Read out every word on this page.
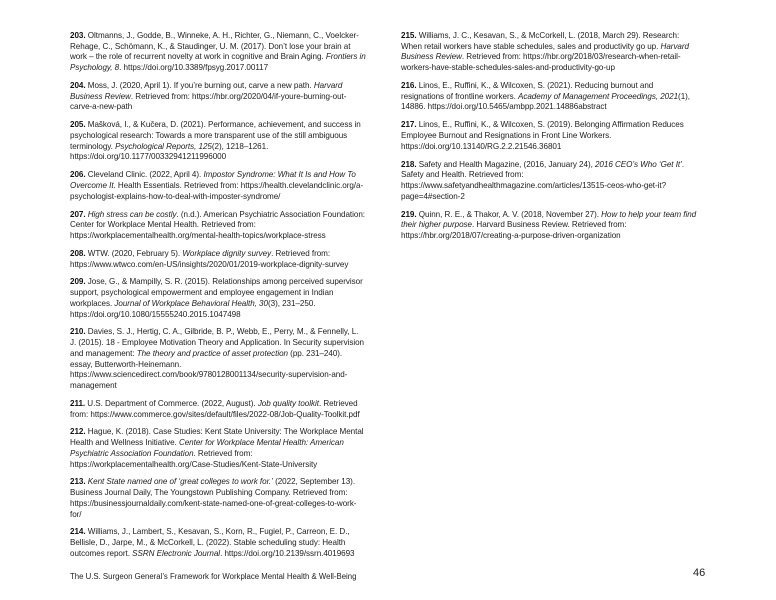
203. Oltmanns, J., Godde, B., Winneke, A. H., Richter, G., Niemann, C., Voelcker-Rehage, C., Schömann, K., & Staudinger, U. M. (2017). Don’t lose your brain at work – the role of recurrent novelty at work in cognitive and Brain Aging. Frontiers in Psychology, 8. https://doi.org/10.3389/fpsyg.2017.00117

204. Moss, J. (2020, April 1). If you’re burning out, carve a new path. Harvard Business Review. Retrieved from: https://hbr.org/2020/04/if-youre-burning-out-carve-a-new-path

205. Mašková, I., & Kučera, D. (2021). Performance, achievement, and success in psychological research: Towards a more transparent use of the still ambiguous terminology. Psychological Reports, 125(2), 1218–1261. https://doi.org/10.1177/00332941211996000

206. Cleveland Clinic. (2022, April 4). Impostor Syndrome: What It Is and How To Overcome It. Health Essentials. Retrieved from: https://health.clevelandclinic.org/a-psychologist-explains-how-to-deal-with-imposter-syndrome/

207. High stress can be costly. (n.d.). American Psychiatric Association Foundation: Center for Workplace Mental Health. Retrieved from: https://workplacementalhealth.org/mental-health-topics/workplace-stress

208. WTW. (2020, February 5). Workplace dignity survey. Retrieved from: https://www.wtwco.com/en-US/insights/2020/01/2019-workplace-dignity-survey

209. Jose, G., & Mampilly, S. R. (2015). Relationships among perceived supervisor support, psychological empowerment and employee engagement in Indian workplaces. Journal of Workplace Behavioral Health, 30(3), 231–250. https://doi.org/10.1080/15555240.2015.1047498

210. Davies, S. J., Hertig, C. A., Gilbride, B. P., Webb, E., Perry, M., & Fennelly, L. J. (2015). 18 - Employee Motivation Theory and Application. In Security supervision and management: The theory and practice of asset protection (pp. 231–240). essay, Butterworth-Heinemann. https://www.sciencedirect.com/book/9780128001134/security-supervision-and-management

211. U.S. Department of Commerce. (2022, August). Job quality toolkit. Retrieved from: https://www.commerce.gov/sites/default/files/2022-08/Job-Quality-Toolkit.pdf

212. Hague, K. (2018). Case Studies: Kent State University: The Workplace Mental Health and Wellness Initiative. Center for Workplace Mental Health: American Psychiatric Association Foundation. Retrieved from: https://workplacementalhealth.org/Case-Studies/Kent-State-University

213. Kent State named one of ‘great colleges to work for.’ (2022, September 13). Business Journal Daily, The Youngstown Publishing Company. Retrieved from: https://businessjournaldaily.com/kent-state-named-one-of-great-colleges-to-work-for/

214. Williams, J., Lambert, S., Kesavan, S., Korn, R., Fugiel, P., Carreon, E. D., Bellisle, D., Jarpe, M., & McCorkell, L. (2022). Stable scheduling study: Health outcomes report. SSRN Electronic Journal. https://doi.org/10.2139/ssrn.4019693

215. Williams, J. C., Kesavan, S., & McCorkell, L. (2018, March 29). Research: When retail workers have stable schedules, sales and productivity go up. Harvard Business Review. Retrieved from: https://hbr.org/2018/03/research-when-retail-workers-have-stable-schedules-sales-and-productivity-go-up

216. Linos, E., Ruffini, K., & Wilcoxen, S. (2021). Reducing burnout and resignations of frontline workers. Academy of Management Proceedings, 2021(1), 14886. https://doi.org/10.5465/ambpp.2021.14886abstract

217. Linos, E., Ruffini, K., & Wilcoxen, S. (2019). Belonging Affirmation Reduces Employee Burnout and Resignations in Front Line Workers. https://doi.org/10.13140/RG.2.2.21546.36801

218. Safety and Health Magazine, (2016, January 24), 2016 CEO’s Who ‘Get It’. Safety and Health. Retrieved from: https://www.safetyandhealthmagazine.com/articles/13515-ceos-who-get-it?page=4#section-2

219. Quinn, R. E., & Thakor, A. V. (2018, November 27). How to help your team find their higher purpose. Harvard Business Review. Retrieved from: https://hbr.org/2018/07/creating-a-purpose-driven-organization

The U.S. Surgeon General’s Framework for Workplace Mental Health & Well-Being	46
